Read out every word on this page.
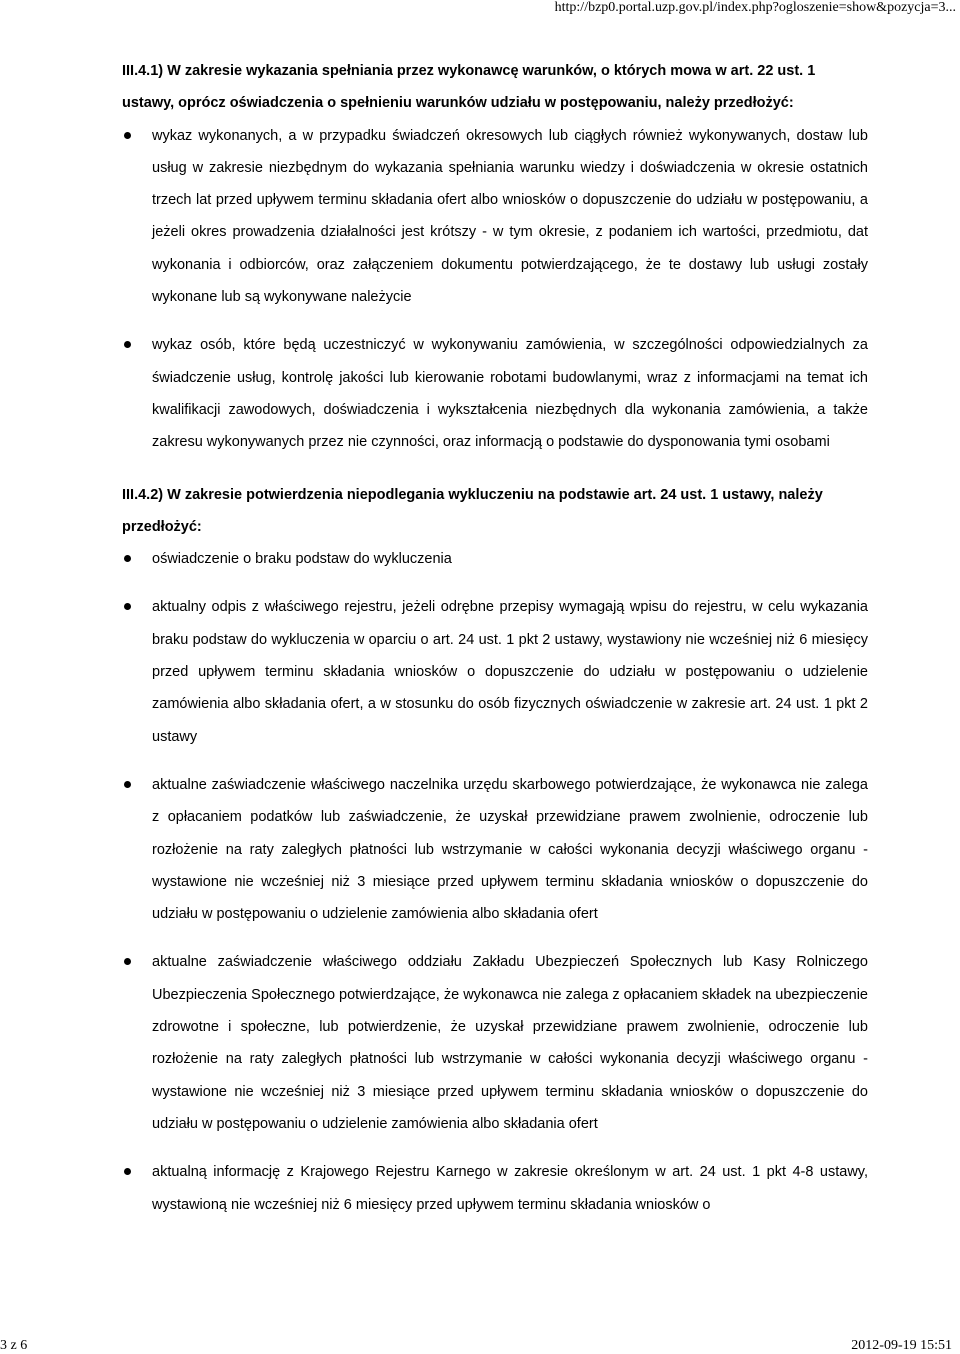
http://bzp0.portal.uzp.gov.pl/index.php?ogloszenie=show&pozycja=3...
III.4.1) W zakresie wykazania spełniania przez wykonawcę warunków, o których mowa w art. 22 ust. 1 ustawy, oprócz oświadczenia o spełnieniu warunków udziału w postępowaniu, należy przedłożyć:
wykaz wykonanych, a w przypadku świadczeń okresowych lub ciągłych również wykonywanych, dostaw lub usług w zakresie niezbędnym do wykazania spełniania warunku wiedzy i doświadczenia w okresie ostatnich trzech lat przed upływem terminu składania ofert albo wniosków o dopuszczenie do udziału w postępowaniu, a jeżeli okres prowadzenia działalności jest krótszy - w tym okresie, z podaniem ich wartości, przedmiotu, dat wykonania i odbiorców, oraz załączeniem dokumentu potwierdzającego, że te dostawy lub usługi zostały wykonane lub są wykonywane należycie
wykaz osób, które będą uczestniczyć w wykonywaniu zamówienia, w szczególności odpowiedzialnych za świadczenie usług, kontrolę jakości lub kierowanie robotami budowlanymi, wraz z informacjami na temat ich kwalifikacji zawodowych, doświadczenia i wykształcenia niezbędnych dla wykonania zamówienia, a także zakresu wykonywanych przez nie czynności, oraz informacją o podstawie do dysponowania tymi osobami
III.4.2) W zakresie potwierdzenia niepodlegania wykluczeniu na podstawie art. 24 ust. 1 ustawy, należy przedłożyć:
oświadczenie o braku podstaw do wykluczenia
aktualny odpis z właściwego rejestru, jeżeli odrębne przepisy wymagają wpisu do rejestru, w celu wykazania braku podstaw do wykluczenia w oparciu o art. 24 ust. 1 pkt 2 ustawy, wystawiony nie wcześniej niż 6 miesięcy przed upływem terminu składania wniosków o dopuszczenie do udziału w postępowaniu o udzielenie zamówienia albo składania ofert, a w stosunku do osób fizycznych oświadczenie w zakresie art. 24 ust. 1 pkt 2 ustawy
aktualne zaświadczenie właściwego naczelnika urzędu skarbowego potwierdzające, że wykonawca nie zalega z opłacaniem podatków lub zaświadczenie, że uzyskał przewidziane prawem zwolnienie, odroczenie lub rozłożenie na raty zaległych płatności lub wstrzymanie w całości wykonania decyzji właściwego organu - wystawione nie wcześniej niż 3 miesiące przed upływem terminu składania wniosków o dopuszczenie do udziału w postępowaniu o udzielenie zamówienia albo składania ofert
aktualne zaświadczenie właściwego oddziału Zakładu Ubezpieczeń Społecznych lub Kasy Rolniczego Ubezpieczenia Społecznego potwierdzające, że wykonawca nie zalega z opłacaniem składek na ubezpieczenie zdrowotne i społeczne, lub potwierdzenie, że uzyskał przewidziane prawem zwolnienie, odroczenie lub rozłożenie na raty zaległych płatności lub wstrzymanie w całości wykonania decyzji właściwego organu - wystawione nie wcześniej niż 3 miesiące przed upływem terminu składania wniosków o dopuszczenie do udziału w postępowaniu o udzielenie zamówienia albo składania ofert
aktualną informację z Krajowego Rejestru Karnego w zakresie określonym w art. 24 ust. 1 pkt 4-8 ustawy, wystawioną nie wcześniej niż 6 miesięcy przed upływem terminu składania wniosków o
3 z 6	2012-09-19 15:51
